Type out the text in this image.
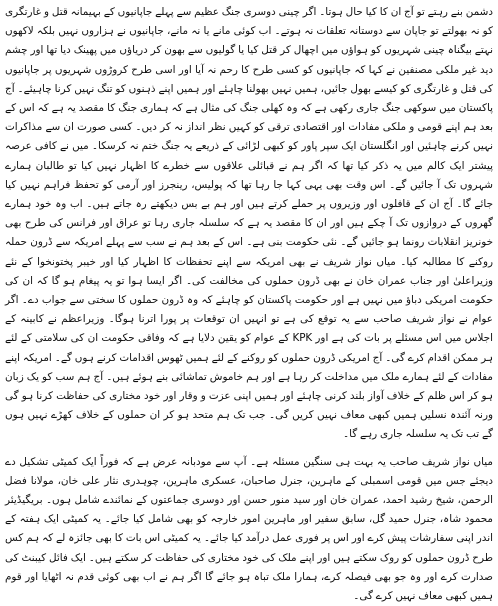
دشمن بنے رہتے تو آج ان کا کیا حال ہوتا۔ اگر چینی دوسری جنگ عظیم سے پہلے جاپانیوں کے بہیمانہ قتل و غارتگری کو نہ بھولتے تو جاپان سے دوستانہ تعلقات نہ ہوتے۔ اب کوئی مانے یا نہ مانے، جاپانیوں نے ہزاروں نہیں بلکہ لاکھوں نہتے بیگناہ چینی شہریوں کو ہواؤں میں اچھال کر قتل کیا یا گولیوں سے بھون کر دریاؤں میں پھینک دیا تھا اور چشم دید غیر ملکی مصنفین نے کہا کہ جاپانیوں کو کسی طرح کا رحم نہ آیا اور اسی طرح کروڑوں شہریوں پر جاپانیوں کی قتل و غارتگری کو کیسے بھول جائیں، ہمیں نہیں بھولنا چاہئے اور ہمیں اپنے ذہنوں کو تنگ نہیں کرنا چاہیئے۔ آج پاکستان میں سوکھی جنگ جاری رکھی ہے کہ وہ کھلی جنگ کی مثال ہے کہ ہماری جنگ کا مقصد یہ ہے کہ اس کے بعد ہم اپنے قومی و ملکی مفادات اور اقتصادی ترقی کو کہیں نظر انداز نہ کر دیں۔ کسی صورت ان سے مذاکرات نہیں کرنے چاہئیں اور انگلستان ایک سپر پاور کو کبھی لڑائی کے ذریعے یہ جنگ ختم نہ کرسکا۔ میں نے کافی عرصہ پیشتر ایک کالم میں یہ ذکر کیا تھا کہ اگر ہم نے قبائلی علاقوں سے خطرے کا اظہار نہیں کیا تو طالبان ہمارے شہروں تک آ جائیں گے۔ اس وقت بھی یہی کہا جا رہا تھا کہ پولیس، رینجرز اور آرمی کو تحفظ فراہم نہیں کیا جائے گا۔ آج ان کے قافلوں اور وزیروں پر حملے کرتے ہیں اور ہم بے بس دیکھتے رہ جاتے ہیں۔ اب وہ خود ہمارے گھروں کے دروازوں تک آ چکے ہیں اور ان کا مقصد یہ ہے کہ سلسلہ جاری رہا تو عراق اور فرانس کی طرح بھی خونریز انقلابات رونما ہو جائیں گے۔ نئی حکومت بنی ہے۔ اس کے بعد ہم نے سب سے پہلے امریکہ سے ڈرون حملہ روکنے کا مطالبہ کیا۔ میاں نواز شریف نے بھی امریکہ سے اپنے تحفظات کا اظہار کیا اور خیبر پختونخوا کے نئے وزیراعلیٰ اور جناب عمران خان نے بھی ڈرون حملوں کی مخالفت کی۔ اگر ایسا ہوا تو یہ پیغام ہو گا کہ ان کی حکومت امریکی دباؤ میں نہیں ہے اور حکومت پاکستان کو چاہئے کہ وہ ڈرون حملوں کا سختی سے جواب دے۔ اگر عوام نے نواز شریف صاحب سے یہ توقع کی ہے تو انہیں ان توقعات پر پورا اترنا ہوگا۔ وزیراعظم نے کابینہ کے اجلاس میں اس مسئلے پر بات کی ہے اور KPK کے عوام کو یقین دلایا ہے کہ وفاقی حکومت ان کی سلامتی کے لئے ہر ممکن اقدام کرے گی۔ آج امریکی ڈرون حملوں کو روکنے کے لئے ہمیں ٹھوس اقدامات کرنے ہوں گے۔ امریکہ اپنے مفادات کے لئے ہمارے ملک میں مداخلت کر رہا ہے اور ہم خاموش تماشائی بنے ہوئے ہیں۔ آج ہم سب کو یک زبان ہو کر اس ظلم کے خلاف آواز بلند کرنی چاہئے اور ہمیں اپنی عزت و وقار اور خود مختاری کی حفاظت کرنا ہو گی ورنہ آئندہ نسلیں ہمیں کبھی معاف نہیں کریں گی۔ جب تک ہم متحد ہو کر ان حملوں کے خلاف کھڑے نہیں ہوں گے تب تک یہ سلسلہ جاری رہے گا۔

میاں نواز شریف صاحب یہ بہت ہی سنگین مسئلہ ہے۔ آپ سے مودبانہ عرض ہے کہ فوراً ایک کمیٹی تشکیل دے دیجئے جس میں قومی اسمبلی کے ماہرین، جنرل صاحبان، عسکری ماہرین، چوہدری نثار علی خان، مولانا فضل الرحمن، شیخ رشید احمد، عمران خان اور سید منور حسن اور دوسری جماعتوں کے نمائندے شامل ہوں۔ بریگیڈیئر محمود شاہ، جنرل حمید گل، سابق سفیر اور ماہرین امور خارجہ کو بھی شامل کیا جائے۔ یہ کمیٹی ایک ہفتہ کے اندر اپنی سفارشات پیش کرے اور اس پر فوری عمل درآمد کیا جائے۔ یہ کمیٹی اس بات کا بھی جائزہ لے کہ ہم کس طرح ڈرون حملوں کو روک سکتے ہیں اور اپنے ملک کی خود مختاری کی حفاظت کر سکتے ہیں۔ ایک فائل کیبنٹ کی صدارت کرے اور وہ جو بھی فیصلہ کرے، ہمارا ملک تباہ ہو جائے گا اگر ہم نے اب بھی کوئی قدم نہ اٹھایا اور قوم ہمیں کبھی معاف نہیں کرے گی۔
